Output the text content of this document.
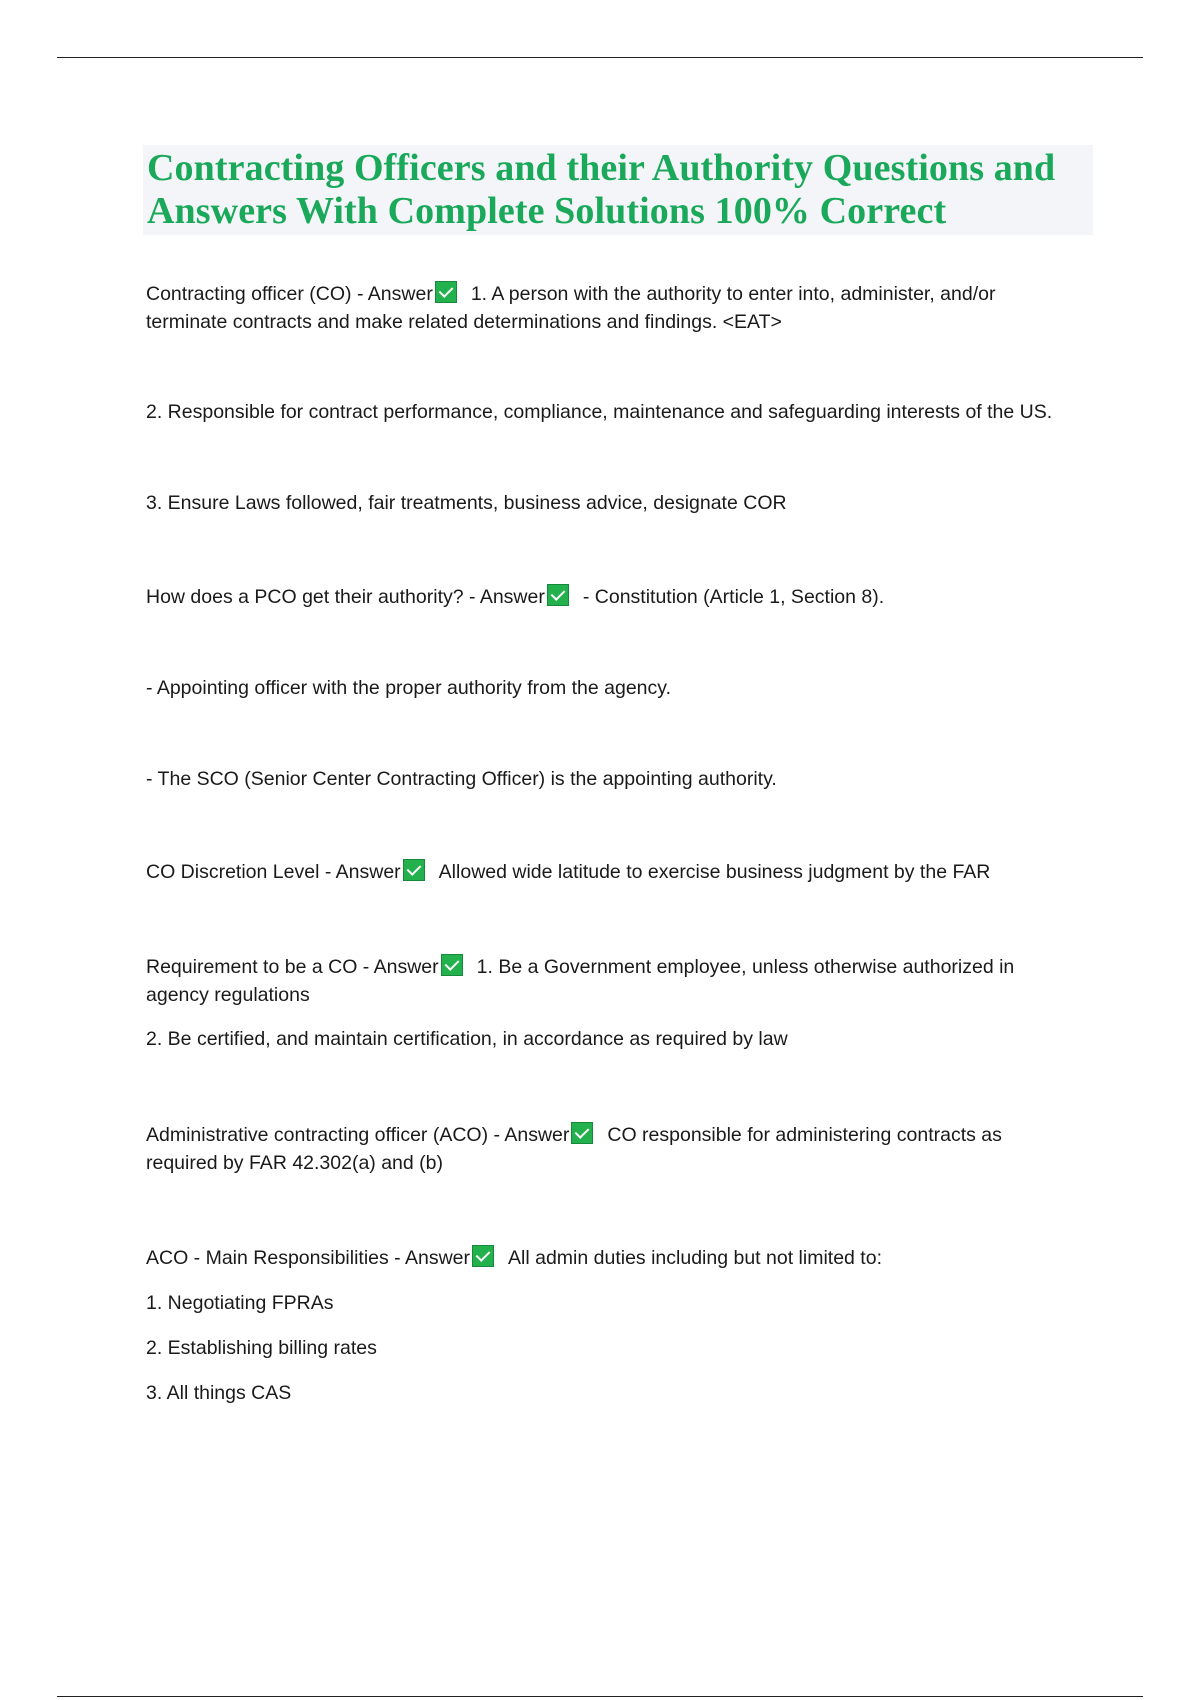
Contracting Officers and their Authority Questions and
Answers With Complete Solutions 100% Correct
Contracting officer (CO) - Answer 1. A person with the authority to enter into, administer, and/or
terminate contracts and make related determinations and findings. <EAT>
2. Responsible for contract performance, compliance, maintenance and safeguarding interests of the US.
3. Ensure Laws followed, fair treatments, business advice, designate COR
How does a PCO get their authority? - Answer - Constitution (Article 1, Section 8).
- Appointing officer with the proper authority from the agency.
- The SCO (Senior Center Contracting Officer) is the appointing authority.
CO Discretion Level - Answer Allowed wide latitude to exercise business judgment by the FAR
Requirement to be a CO - Answer 1. Be a Government employee, unless otherwise authorized in
agency regulations
2. Be certified, and maintain certification, in accordance as required by law
Administrative contracting officer (ACO) - Answer CO responsible for administering contracts as
required by FAR 42.302(a) and (b)
ACO - Main Responsibilities - Answer All admin duties including but not limited to:
1. Negotiating FPRAs
2. Establishing billing rates
3. All things CAS
